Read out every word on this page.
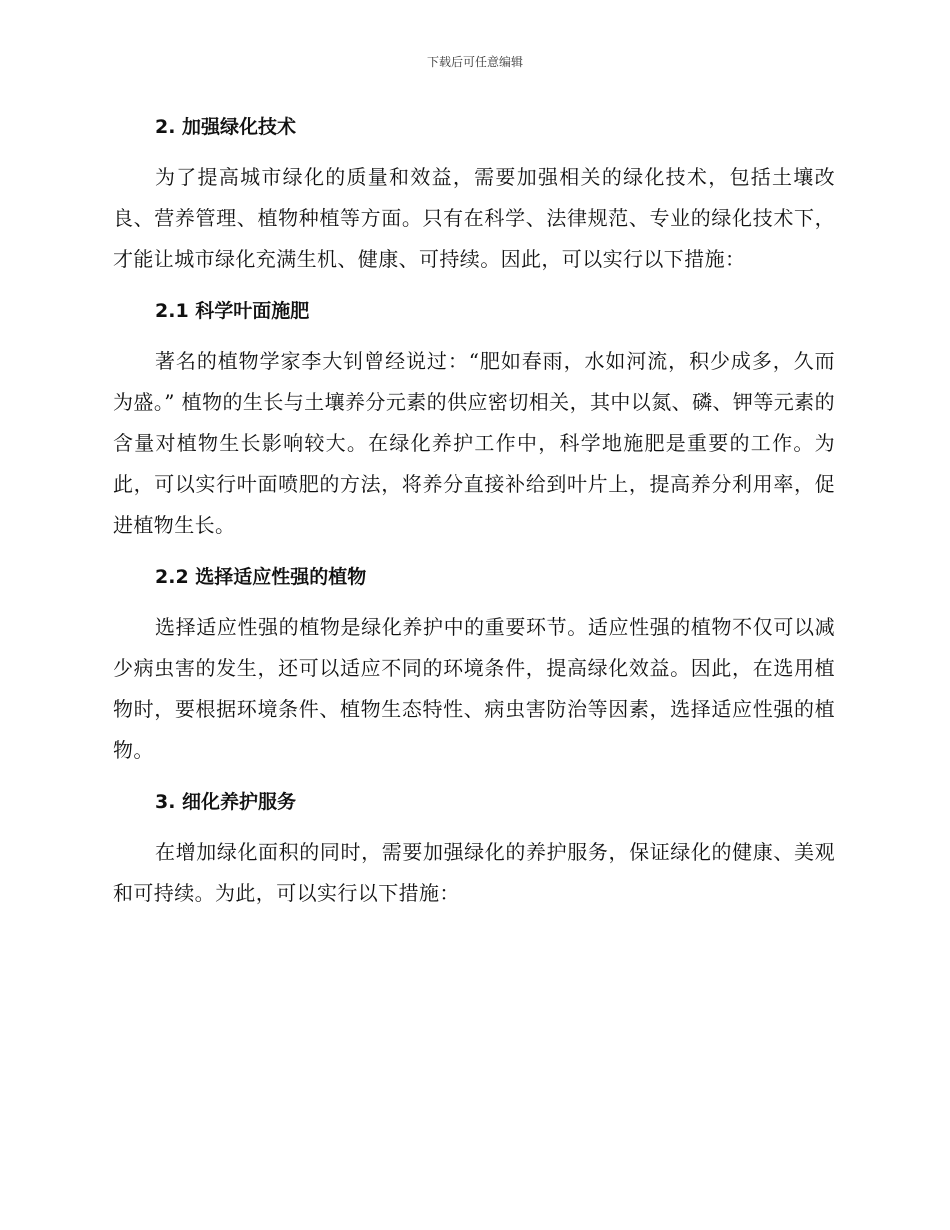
下载后可任意编辑
2. 加强绿化技术

为了提高城市绿化的质量和效益，需要加强相关的绿化技术，包括土壤改良、营养管理、植物种植等方面。只有在科学、法律规范、专业的绿化技术下，才能让城市绿化充满生机、健康、可持续。因此，可以实行以下措施：

2.1 科学叶面施肥

著名的植物学家李大钊曾经说过：“肥如春雨，水如河流，积少成多，久而为盛。” 植物的生长与土壤养分元素的供应密切相关，其中以氮、磷、钾等元素的含量对植物生长影响较大。在绿化养护工作中，科学地施肥是重要的工作。为此，可以实行叶面喷肥的方法，将养分直接补给到叶片上，提高养分利用率，促进植物生长。

2.2 选择适应性强的植物

选择适应性强的植物是绿化养护中的重要环节。适应性强的植物不仅可以减少病虫害的发生，还可以适应不同的环境条件，提高绿化效益。因此，在选用植物时，要根据环境条件、植物生态特性、病虫害防治等因素，选择适应性强的植物。

3. 细化养护服务

在增加绿化面积的同时，需要加强绿化的养护服务，保证绿化的健康、美观和可持续。为此，可以实行以下措施：
